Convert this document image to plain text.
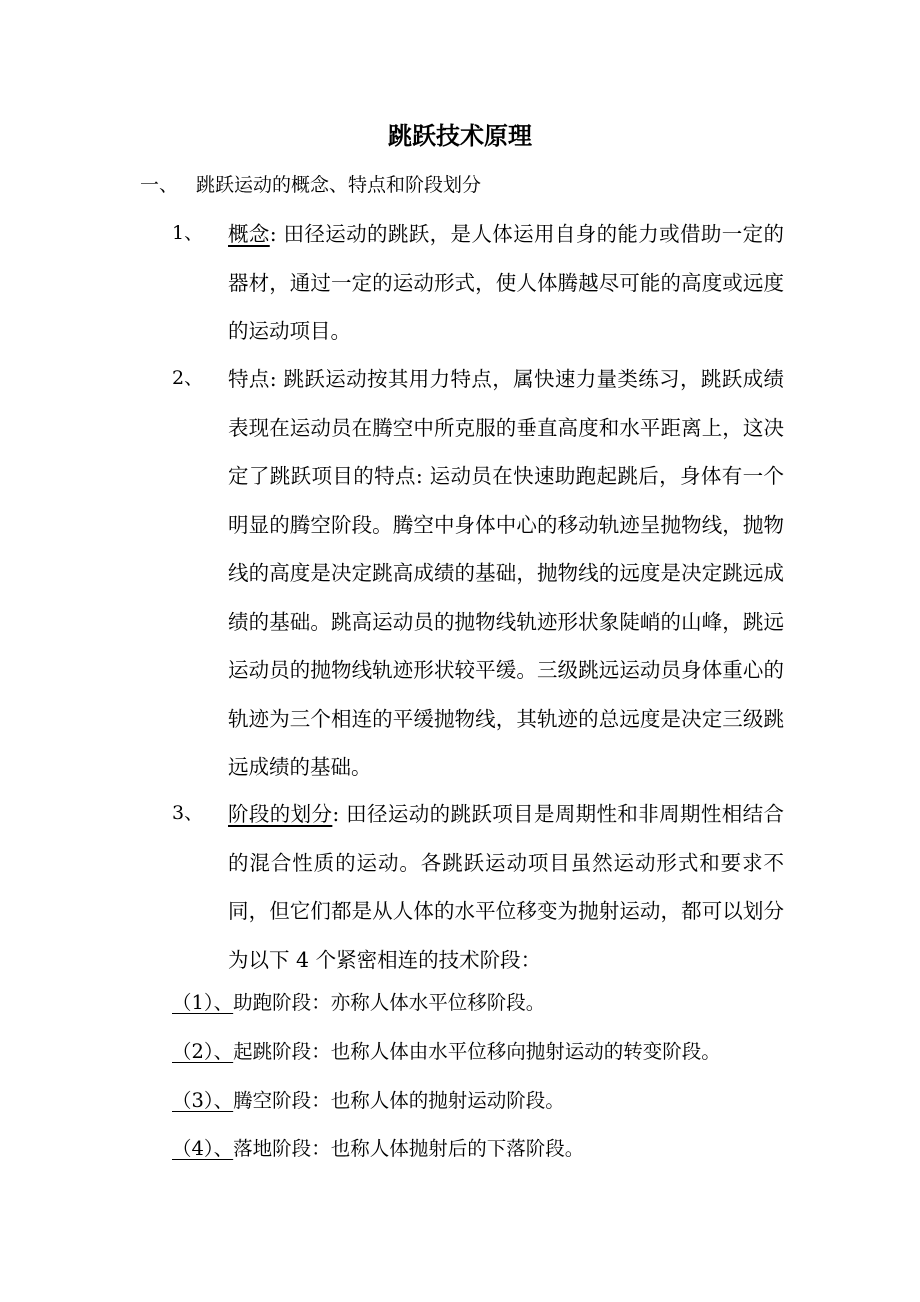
跳跃技术原理
一、 跳跃运动的概念、特点和阶段划分
1、 概念: 田径运动的跳跃，是人体运用自身的能力或借助一定的器材，通过一定的运动形式，使人体腾越尽可能的高度或远度的运动项目。
2、 特点: 跳跃运动按其用力特点，属快速力量类练习，跳跃成绩表现在运动员在腾空中所克服的垂直高度和水平距离上，这决定了跳跃项目的特点: 运动员在快速助跑起跳后，身体有一个明显的腾空阶段。腾空中身体中心的移动轨迹呈抛物线，抛物线的高度是决定跳高成绩的基础，抛物线的远度是决定跳远成绩的基础。跳高运动员的抛物线轨迹形状象陡峭的山峰，跳远运动员的抛物线轨迹形状较平缓。三级跳远运动员身体重心的轨迹为三个相连的平缓抛物线，其轨迹的总远度是决定三级跳远成绩的基础。
3、 阶段的划分: 田径运动的跳跃项目是周期性和非周期性相结合的混合性质的运动。各跳跃运动项目虽然运动形式和要求不同，但它们都是从人体的水平位移变为抛射运动，都可以划分为以下 4 个紧密相连的技术阶段：
（1）、助跑阶段：亦称人体水平位移阶段。
（2）、起跳阶段：也称人体由水平位移向抛射运动的转变阶段。
（3）、腾空阶段：也称人体的抛射运动阶段。
（4）、落地阶段：也称人体抛射后的下落阶段。
